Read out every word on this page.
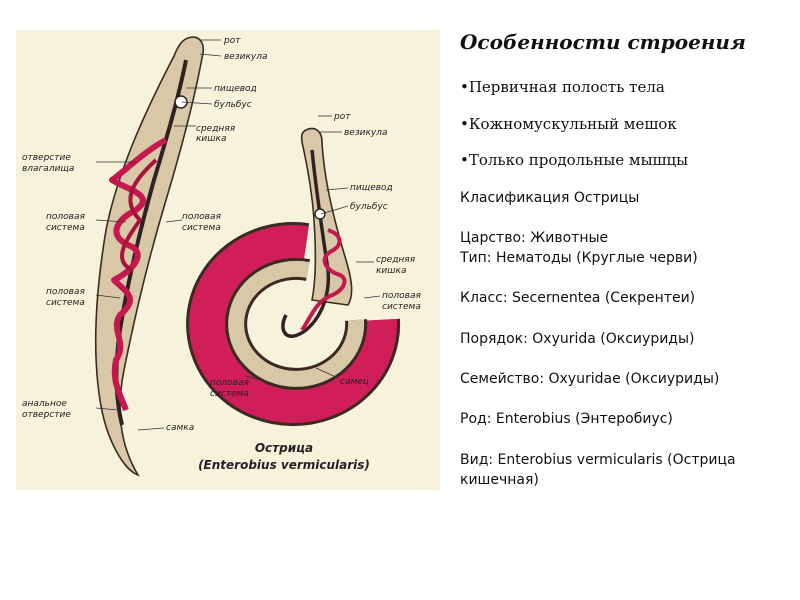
рот
везикула
пищевод
бульбус
средняя
кишка
отверстие
влагалища
половая
система
половая
система
половая
система
анальное
отверстие
самка
рот
везикула
пищевод
бульбус
средняя
кишка
половая
система
половая
система
самец
Острица
(Enterobius vermicularis)
Особенности строения

•Первичная полость тела

•Кожномускульный мешок

•Только продольные мышцы

Класификация Острицы

Царство: Животные

Тип: Нематоды (Круглые черви)

Класс: Secernentea (Секрентеи)

Порядок: Oxyurida (Оксиуриды)

Семейство: Oxyuridae (Оксиуриды)

Род: Enterobius (Энтеробиус)

Вид: Enterobius vermicularis (Острица кишечная)
